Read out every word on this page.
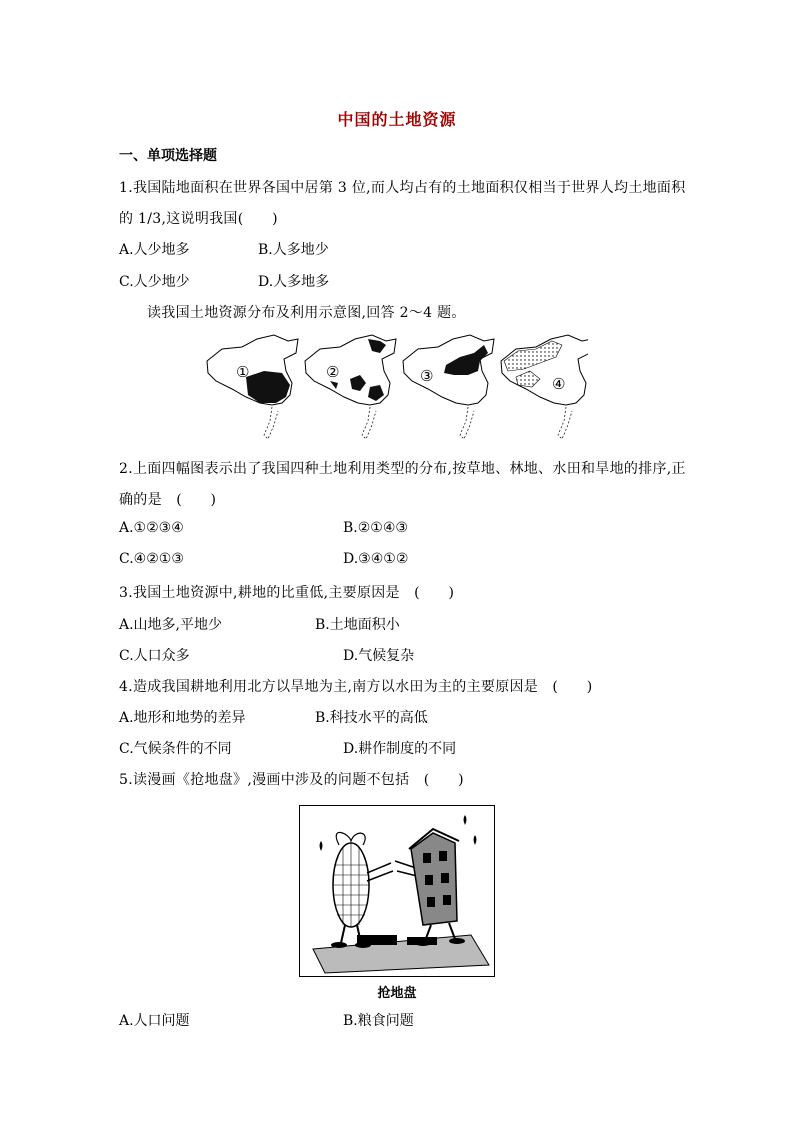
中国的土地资源
一、单项选择题
1.我国陆地面积在世界各国中居第 3 位,而人均占有的土地面积仅相当于世界人均土地面积
的 1/3,这说明我国(　　)
A.人少地多	B.人多地少
C.人少地少	D.人多地多
读我国土地资源分布及利用示意图,回答 2～4 题。
①	②	③	④
2.上面四幅图表示出了我国四种土地利用类型的分布,按草地、林地、水田和旱地的排序,正
确的是　(　　)
A.①②③④	B.②①④③
C.④②①③	D.③④①②
3.我国土地资源中,耕地的比重低,主要原因是　(　　)
A.山地多,平地少	B.土地面积小
C.人口众多	D.气候复杂
4.造成我国耕地利用北方以旱地为主,南方以水田为主的主要原因是　(　　)
A.地形和地势的差异	B.科技水平的高低
C.气候条件的不同	D.耕作制度的不同
5.读漫画《抢地盘》,漫画中涉及的问题不包括　(　　)
抢地盘
A.人口问题	B.粮食问题
